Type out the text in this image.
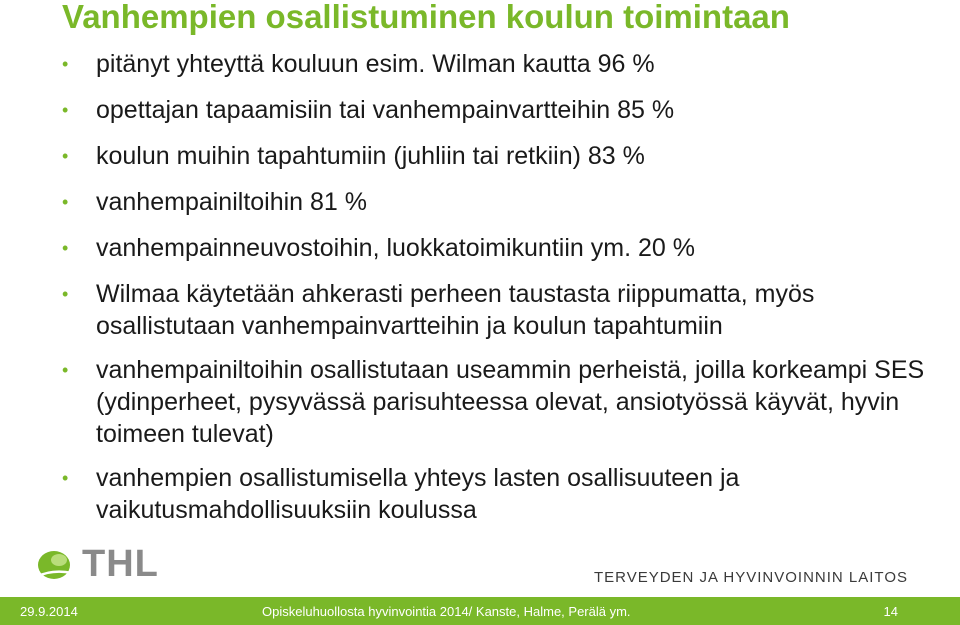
Vanhempien osallistuminen koulun toimintaan
• pitänyt yhteyttä kouluun esim. Wilman kautta 96 %
• opettajan tapaamisiin tai vanhempainvartteihin 85 %
• koulun muihin tapahtumiin (juhliin tai retkiin) 83 %
• vanhempainiltoihin 81 %
• vanhempainneuvostoihin, luokkatoimikuntiin ym. 20 %
• Wilmaa käytetään ahkerasti perheen taustasta riippumatta, myös osallistutaan vanhempainvartteihin ja koulun tapahtumiin
• vanhempainiltoihin osallistutaan useammin perheistä, joilla korkeampi SES (ydinperheet, pysyvässä parisuhteessa olevat, ansiotyössä käyvät, hyvin toimeen tulevat)
• vanhempien osallistumisella yhteys lasten osallisuuteen ja vaikutusmahdollisuuksiin koulussa
THL	TERVEYDEN JA HYVINVOINNIN LAITOS
29.9.2014	Opiskeluhuollosta hyvinvointia 2014/ Kanste, Halme, Perälä ym.	14
